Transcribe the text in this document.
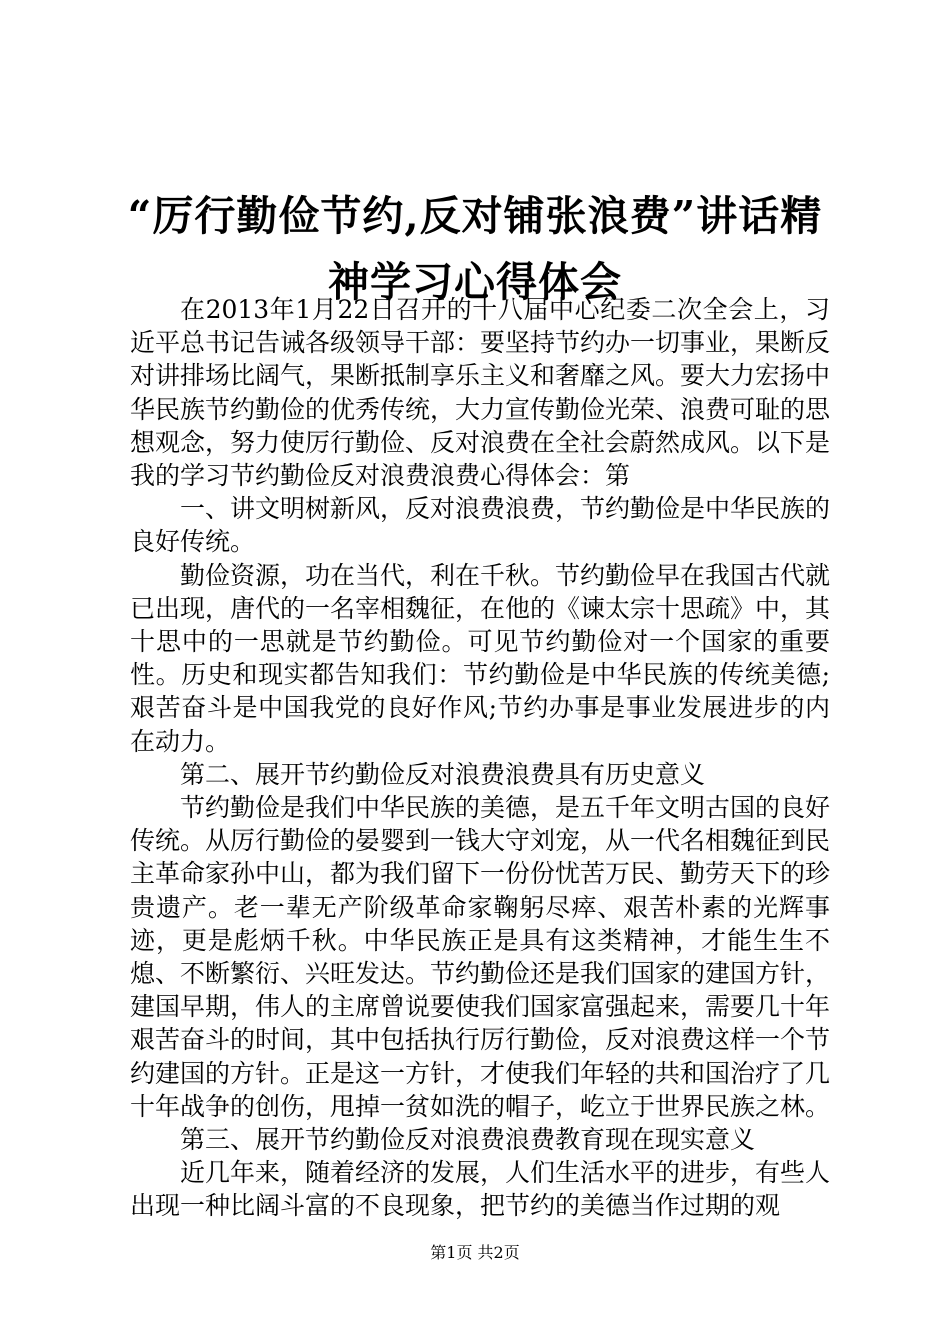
“厉行勤俭节约,反对铺张浪费”讲话精神学习心得体会

在2013年1月22日召开的十八届中心纪委二次全会上，习近平总书记告诫各级领导干部：要坚持节约办一切事业，果断反对讲排场比阔气，果断抵制享乐主义和奢靡之风。要大力宏扬中华民族节约勤俭的优秀传统，大力宣传勤俭光荣、浪费可耻的思想观念，努力使厉行勤俭、反对浪费在全社会蔚然成风。以下是我的学习节约勤俭反对浪费浪费心得体会：第

一、讲文明树新风，反对浪费浪费，节约勤俭是中华民族的良好传统。

勤俭资源，功在当代，利在千秋。节约勤俭早在我国古代就已出现，唐代的一名宰相魏征，在他的《谏太宗十思疏》中，其十思中的一思就是节约勤俭。可见节约勤俭对一个国家的重要性。历史和现实都告知我们：节约勤俭是中华民族的传统美德;艰苦奋斗是中国我党的良好作风;节约办事是事业发展进步的内在动力。

第二、展开节约勤俭反对浪费浪费具有历史意义

节约勤俭是我们中华民族的美德，是五千年文明古国的良好传统。从厉行勤俭的晏婴到一钱大守刘宠，从一代名相魏征到民主革命家孙中山，都为我们留下一份份忧苦万民、勤劳天下的珍贵遗产。老一辈无产阶级革命家鞠躬尽瘁、艰苦朴素的光辉事迹，更是彪炳千秋。中华民族正是具有这类精神，才能生生不熄、不断繁衍、兴旺发达。节约勤俭还是我们国家的建国方针，建国早期，伟人的主席曾说要使我们国家富强起来，需要几十年艰苦奋斗的时间，其中包括执行厉行勤俭，反对浪费这样一个节约建国的方针。正是这一方针，才使我们年轻的共和国治疗了几十年战争的创伤，甩掉一贫如洗的帽子，屹立于世界民族之林。

第三、展开节约勤俭反对浪费浪费教育现在现实意义

近几年来，随着经济的发展，人们生活水平的进步，有些人出现一种比阔斗富的不良现象，把节约的美德当作过期的观

第1页 共2页
